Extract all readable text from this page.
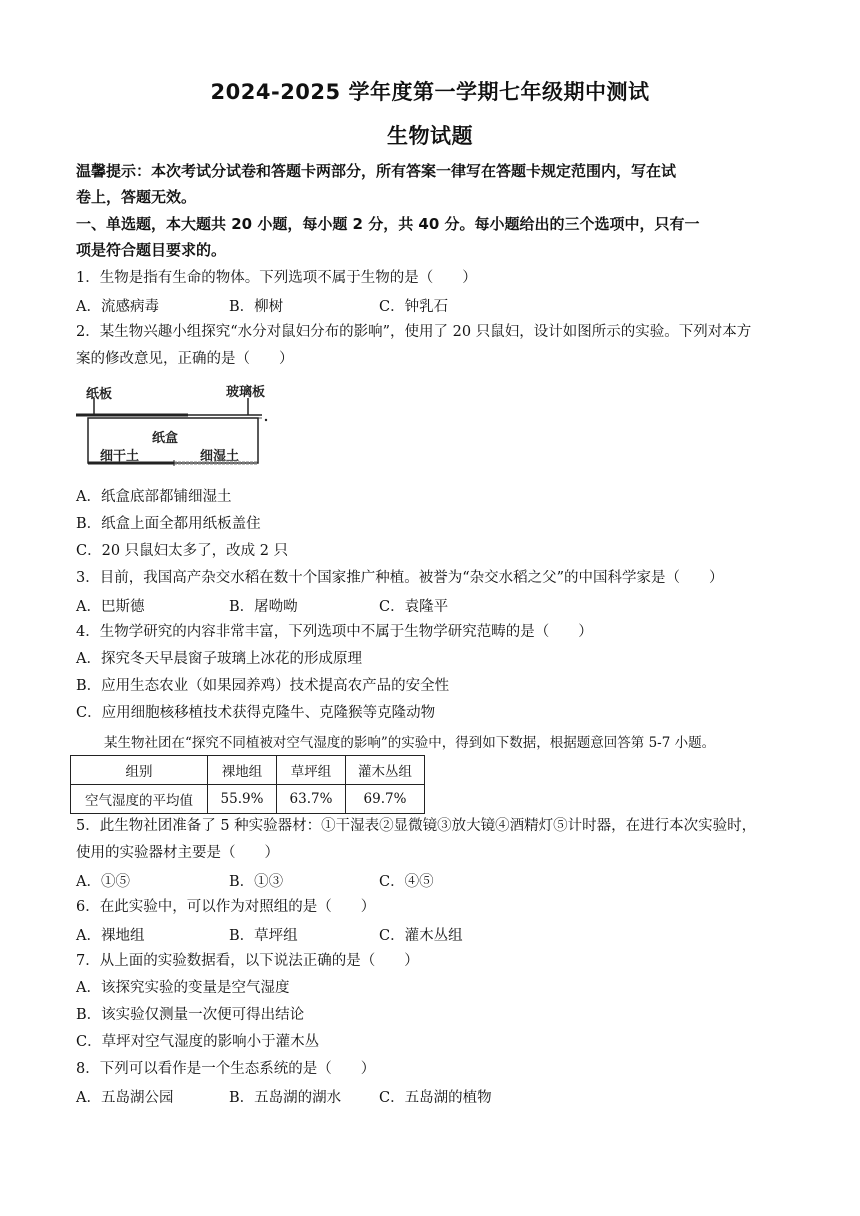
2024-2025 学年度第一学期七年级期中测试
生物试题
温馨提示：本次考试分试卷和答题卡两部分，所有答案一律写在答题卡规定范围内，写在试
卷上，答题无效。
一、单选题，本大题共 20 小题，每小题 2 分，共 40 分。每小题给出的三个选项中，只有一
项是符合题目要求的。
1．生物是指有生命的物体。下列选项不属于生物的是（　　）
A．流感病毒	B．柳树	C．钟乳石
2．某生物兴趣小组探究“水分对鼠妇分布的影响”，使用了 20 只鼠妇，设计如图所示的实验。下列对本方
案的修改意见，正确的是（　　）
纸板	玻璃板
纸盒
细干土	细湿土
A．纸盒底部都铺细湿土
B．纸盒上面全都用纸板盖住
C．20 只鼠妇太多了，改成 2 只
3．目前，我国高产杂交水稻在数十个国家推广种植。被誉为“杂交水稻之父”的中国科学家是（　　）
A．巴斯德	B．屠呦呦	C．袁隆平
4．生物学研究的内容非常丰富，下列选项中不属于生物学研究范畴的是（　　）
A．探究冬天早晨窗子玻璃上冰花的形成原理
B．应用生态农业（如果园养鸡）技术提高农产品的安全性
C．应用细胞核移植技术获得克隆牛、克隆猴等克隆动物
某生物社团在“探究不同植被对空气湿度的影响”的实验中，得到如下数据，根据题意回答第 5-7 小题。
组别	裸地组	草坪组	灌木丛组
空气湿度的平均值	55.9%	63.7%	69.7%
5．此生物社团准备了 5 种实验器材：①干湿表②显微镜③放大镜④酒精灯⑤计时器，在进行本次实验时，
使用的实验器材主要是（　　）
A．①⑤	B．①③	C．④⑤
6．在此实验中，可以作为对照组的是（　　）
A．裸地组	B．草坪组	C．灌木丛组
7．从上面的实验数据看，以下说法正确的是（　　）
A．该探究实验的变量是空气湿度
B．该实验仅测量一次便可得出结论
C．草坪对空气湿度的影响小于灌木丛
8．下列可以看作是一个生态系统的是（　　）
A．五岛湖公园	B．五岛湖的湖水	C．五岛湖的植物
